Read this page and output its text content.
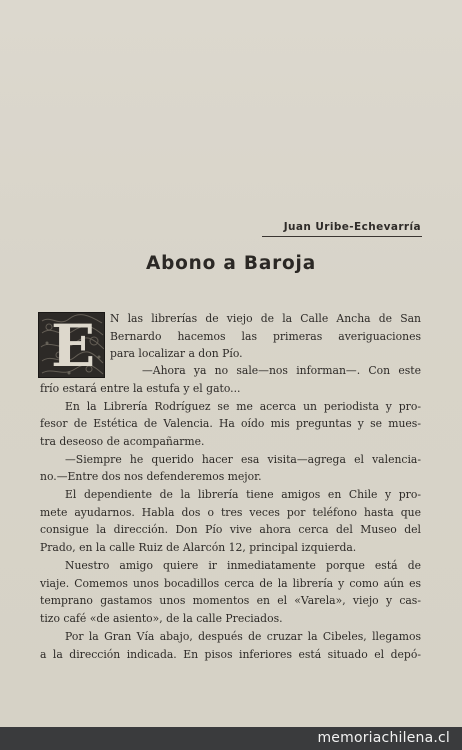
Juan Uribe-Echevarría
Abono a Baroja
E N las librerías de viejo de la Calle Ancha de San
Bernardo hacemos las primeras averiguaciones
para localizar a don Pío.
—Ahora ya no sale—nos informan—. Con este
frío estará entre la estufa y el gato...
En la Librería Rodríguez se me acerca un periodista y pro-
fesor de Estética de Valencia. Ha oído mis preguntas y se mues-
tra deseoso de acompañarme.
—Siempre he querido hacer esa visita—agrega el valencia-
no.—Entre dos nos defenderemos mejor.
El dependiente de la librería tiene amigos en Chile y pro-
mete ayudarnos. Habla dos o tres veces por teléfono hasta que
consigue la dirección. Don Pío vive ahora cerca del Museo del
Prado, en la calle Ruiz de Alarcón 12, principal izquierda.
Nuestro amigo quiere ir inmediatamente porque está de
viaje. Comemos unos bocadillos cerca de la librería y como aún es
temprano gastamos unos momentos en el «Varela», viejo y cas-
tizo café «de asiento», de la calle Preciados.
Por la Gran Vía abajo, después de cruzar la Cibeles, llegamos
a la dirección indicada. En pisos inferiores está situado el depó-
memoriachilena.cl
